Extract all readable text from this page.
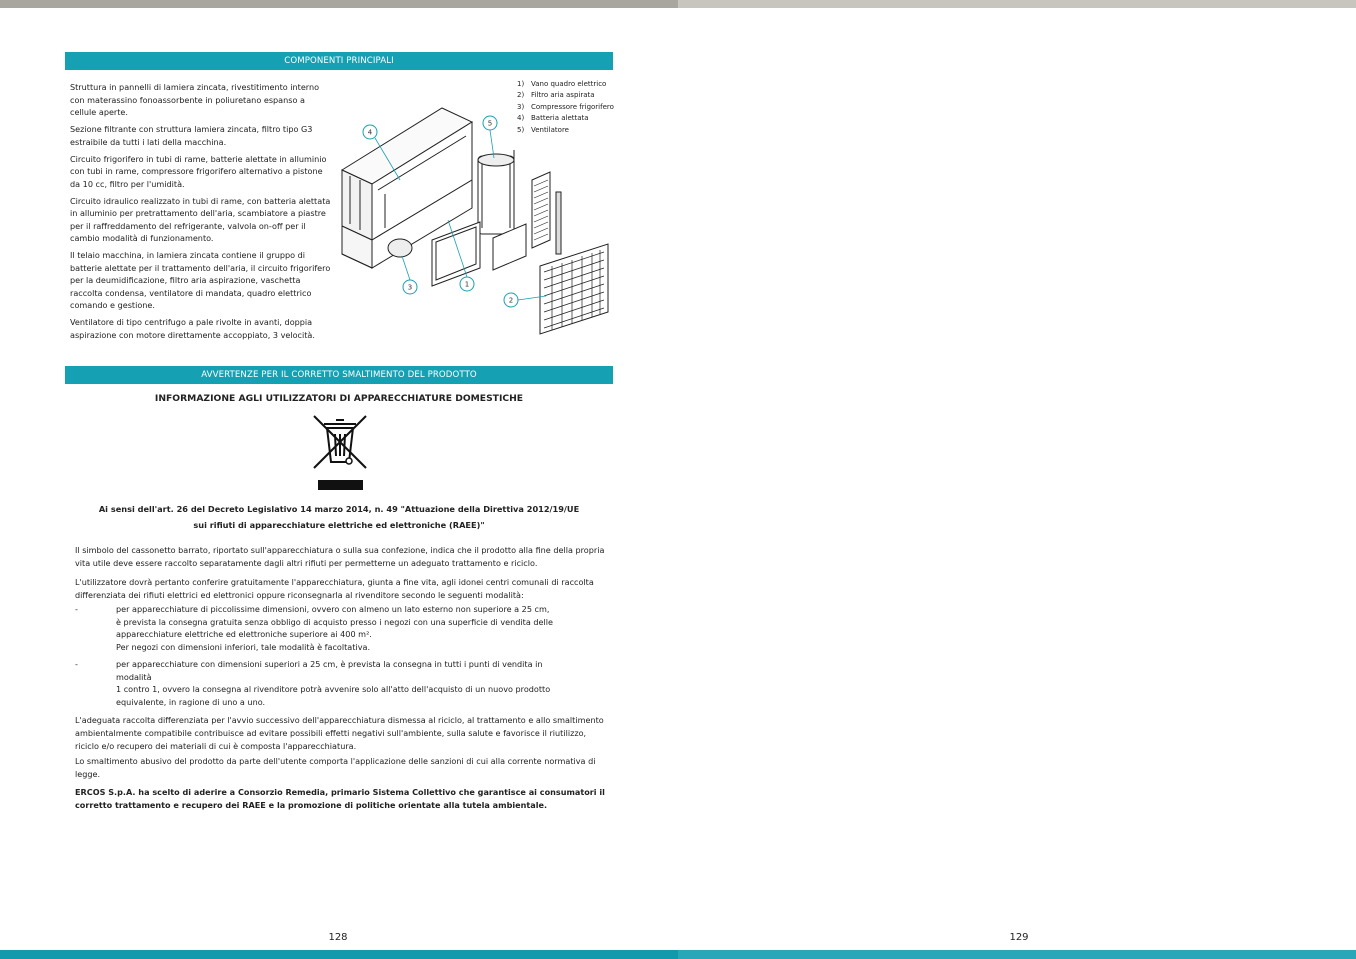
COMPONENTI PRINCIPALI

Struttura in pannelli di lamiera zincata, rivestitimento interno con materassino fonoassorbente in poliuretano espanso a cellule aperte.

Sezione filtrante con struttura lamiera zincata, filtro tipo G3 estraibile da tutti i lati della macchina.

Circuito frigorifero in tubi di rame, batterie alettate in alluminio con tubi in rame, compressore frigorifero alternativo a pistone da 10 cc, filtro per l'umidità.

Circuito idraulico realizzato in tubi di rame, con batteria alettata in alluminio per pretrattamento dell'aria, scambiatore a piastre per il raffreddamento del refrigerante, valvola on-off per il cambio modalità di funzionamento.

Il telaio macchina, in lamiera zincata contiene il gruppo di batterie alettate per il trattamento dell'aria, il circuito frigorifero per la deumidificazione, filtro aria aspirazione, vaschetta raccolta condensa, ventilatore di mandata, quadro elettrico comando e gestione.

Ventilatore di tipo centrifugo a pale rivolte in avanti, doppia aspirazione con motore direttamente accoppiato, 3 velocità.

1) Vano quadro elettrico
2) Filtro aria aspirata
3) Compressore frigorifero
4) Batteria alettata
5) Ventilatore
1
2
3
4
5
AVVERTENZE PER IL CORRETTO SMALTIMENTO DEL PRODOTTO
INFORMAZIONE AGLI UTILIZZATORI DI APPARECCHIATURE DOMESTICHE
Ai sensi dell'art. 26 del Decreto Legislativo 14 marzo 2014, n. 49 "Attuazione della Direttiva 2012/19/UE
sui rifiuti di apparecchiature elettriche ed elettroniche (RAEE)"
Il simbolo del cassonetto barrato, riportato sull'apparecchiatura o sulla sua confezione, indica che il prodotto alla fine della propria vita utile deve essere raccolto separatamente dagli altri rifiuti per permetterne un adeguato trattamento e riciclo.
L'utilizzatore dovrà pertanto conferire gratuitamente l'apparecchiatura, giunta a fine vita, agli idonei centri comunali di raccolta differenziata dei rifiuti elettrici ed elettronici oppure riconsegnarla al rivenditore secondo le seguenti modalità:
-	per apparecchiature di piccolissime dimensioni, ovvero con almeno un lato esterno non superiore a 25 cm,
è prevista la consegna gratuita senza obbligo di acquisto presso i negozi con una superficie di vendita delle
apparecchiature elettriche ed elettroniche superiore ai 400 m².
Per negozi con dimensioni inferiori, tale modalità è facoltativa.
-	per apparecchiature con dimensioni superiori a 25 cm, è prevista la consegna in tutti i punti di vendita in
modalità
1 contro 1, ovvero la consegna al rivenditore potrà avvenire solo all'atto dell'acquisto di un nuovo prodotto
equivalente, in ragione di uno a uno.
L'adeguata raccolta differenziata per l'avvio successivo dell'apparecchiatura dismessa al riciclo, al trattamento e allo smaltimento ambientalmente compatibile contribuisce ad evitare possibili effetti negativi sull'ambiente, sulla salute e favorisce il riutilizzo, riciclo e/o recupero dei materiali di cui è composta l'apparecchiatura.
Lo smaltimento abusivo del prodotto da parte dell'utente comporta l'applicazione delle sanzioni di cui alla corrente normativa di legge.
ERCOS S.p.A. ha scelto di aderire a Consorzio Remedia, primario Sistema Collettivo che garantisce ai consumatori il corretto trattamento e recupero dei RAEE e la promozione di politiche orientate alla tutela ambientale.
128	129
